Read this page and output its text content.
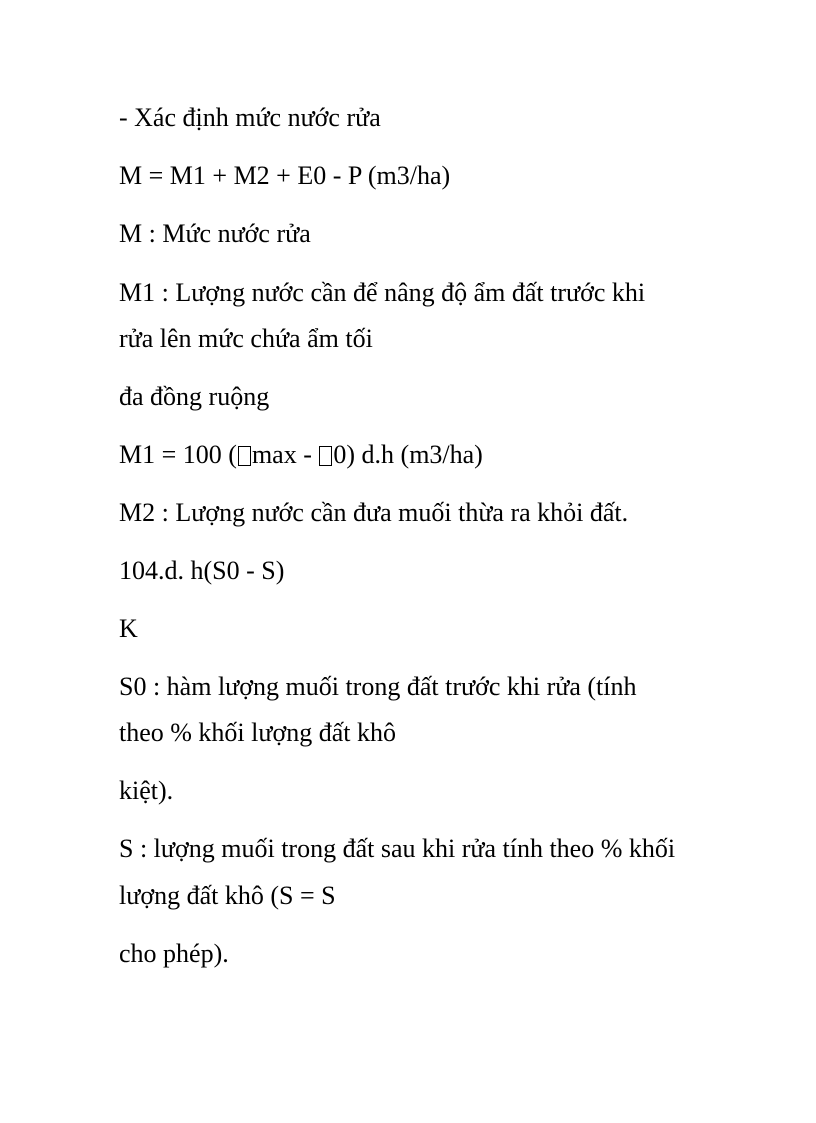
- Xác định mức nước rửa

M = M1 + M2 + E0 - P (m3/ha)

M : Mức nước rửa

M1 : Lượng nước cần để nâng độ ẩm đất trước khi

rửa lên mức chứa ẩm tối

đa đồng ruộng

M1 = 100 ( max - 0) d.h (m3/ha)

M2 : Lượng nước cần đưa muối thừa ra khỏi đất.

104.d. h(S0 - S)

K

S0 : hàm lượng muối trong đất trước khi rửa (tính

theo % khối lượng đất khô

kiệt).

S : lượng muối trong đất sau khi rửa tính theo % khối

lượng đất khô (S = S

cho phép).
